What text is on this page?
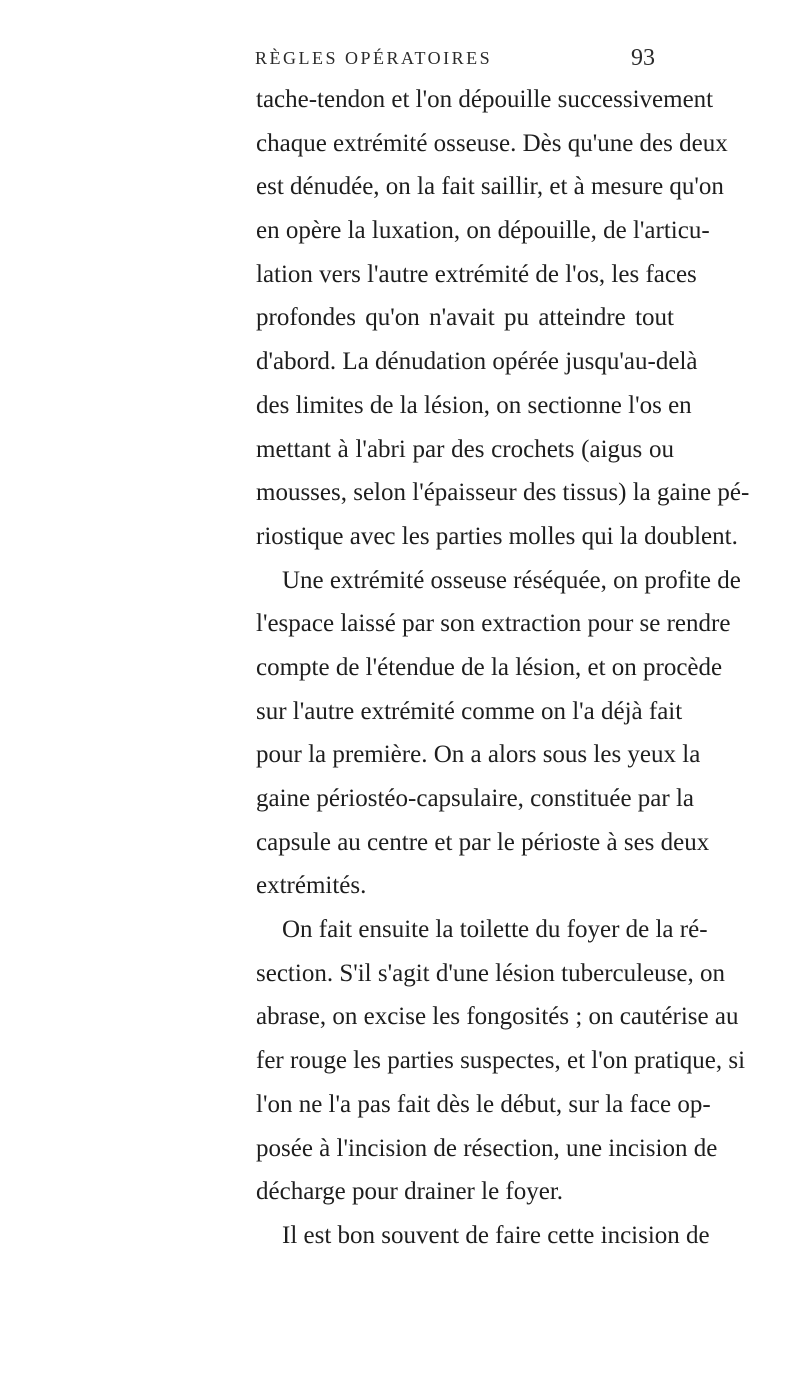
RÈGLES OPÉRATOIRES	93
tache-tendon et l'on dépouille successivement
chaque extrémité osseuse. Dès qu'une des deux
est dénudée, on la fait saillir, et à mesure qu'on
en opère la luxation, on dépouille, de l'articu-
lation vers l'autre extrémité de l'os, les faces
profondes qu'on n'avait pu atteindre tout
d'abord. La dénudation opérée jusqu'au-delà
des limites de la lésion, on sectionne l'os en
mettant à l'abri par des crochets (aigus ou
mousses, selon l'épaisseur des tissus) la gaine pé-
riostique avec les parties molles qui la doublent.
Une extrémité osseuse réséquée, on profite de
l'espace laissé par son extraction pour se rendre
compte de l'étendue de la lésion, et on procède
sur l'autre extrémité comme on l'a déjà fait
pour la première. On a alors sous les yeux la
gaine périostéo-capsulaire, constituée par la
capsule au centre et par le périoste à ses deux
extrémités.
On fait ensuite la toilette du foyer de la ré-
section. S'il s'agit d'une lésion tuberculeuse, on
abrase, on excise les fongosités ; on cautérise au
fer rouge les parties suspectes, et l'on pratique, si
l'on ne l'a pas fait dès le début, sur la face op-
posée à l'incision de résection, une incision de
décharge pour drainer le foyer.
Il est bon souvent de faire cette incision de
